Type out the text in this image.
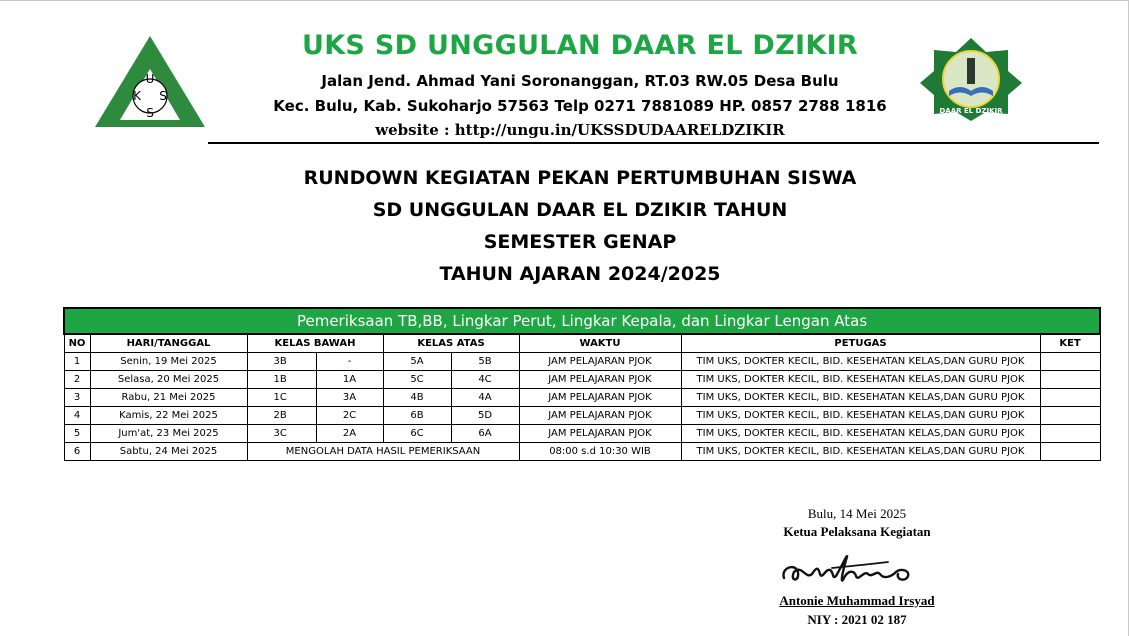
U
K S
S	DAAR EL DZIKIR
UKS SD UNGGULAN DAAR EL DZIKIR
Jalan Jend. Ahmad Yani Soronanggan, RT.03 RW.05 Desa Bulu
Kec. Bulu, Kab. Sukoharjo 57563 Telp 0271 7881089 HP. 0857 2788 1816
website : http://ungu.in/UKSSDUDAARELDZIKIR
RUNDOWN KEGIATAN PEKAN PERTUMBUHAN SISWA
SD UNGGULAN DAAR EL DZIKIR TAHUN
SEMESTER GENAP
TAHUN AJARAN 2024/2025
Pemeriksaan TB,BB, Lingkar Perut, Lingkar Kepala, dan Lingkar Lengan Atas								
NO	HARI/TANGGAL	KELAS BAWAH		KELAS ATAS		WAKTU	PETUGAS	KET
1	Senin, 19 Mei 2025	3B	-	5A	5B	JAM PELAJARAN PJOK	TIM UKS, DOKTER KECIL, BID. KESEHATAN KELAS,DAN GURU PJOK	
2	Selasa, 20 Mei 2025	1B	1A	5C	4C	JAM PELAJARAN PJOK	TIM UKS, DOKTER KECIL, BID. KESEHATAN KELAS,DAN GURU PJOK	
3	Rabu, 21 Mei 2025	1C	3A	4B	4A	JAM PELAJARAN PJOK	TIM UKS, DOKTER KECIL, BID. KESEHATAN KELAS,DAN GURU PJOK	
4	Kamis, 22 Mei 2025	2B	2C	6B	5D	JAM PELAJARAN PJOK	TIM UKS, DOKTER KECIL, BID. KESEHATAN KELAS,DAN GURU PJOK	
5	Jum'at, 23 Mei 2025	3C	2A	6C	6A	JAM PELAJARAN PJOK	TIM UKS, DOKTER KECIL, BID. KESEHATAN KELAS,DAN GURU PJOK	
6	Sabtu, 24 Mei 2025	MENGOLAH DATA HASIL PEMERIKSAAN				08:00 s.d 10:30 WIB	TIM UKS, DOKTER KECIL, BID. KESEHATAN KELAS,DAN GURU PJOK	
Bulu, 14 Mei 2025
Ketua Pelaksana Kegiatan
Antonie Muhammad Irsyad
NIY : 2021 02 187
